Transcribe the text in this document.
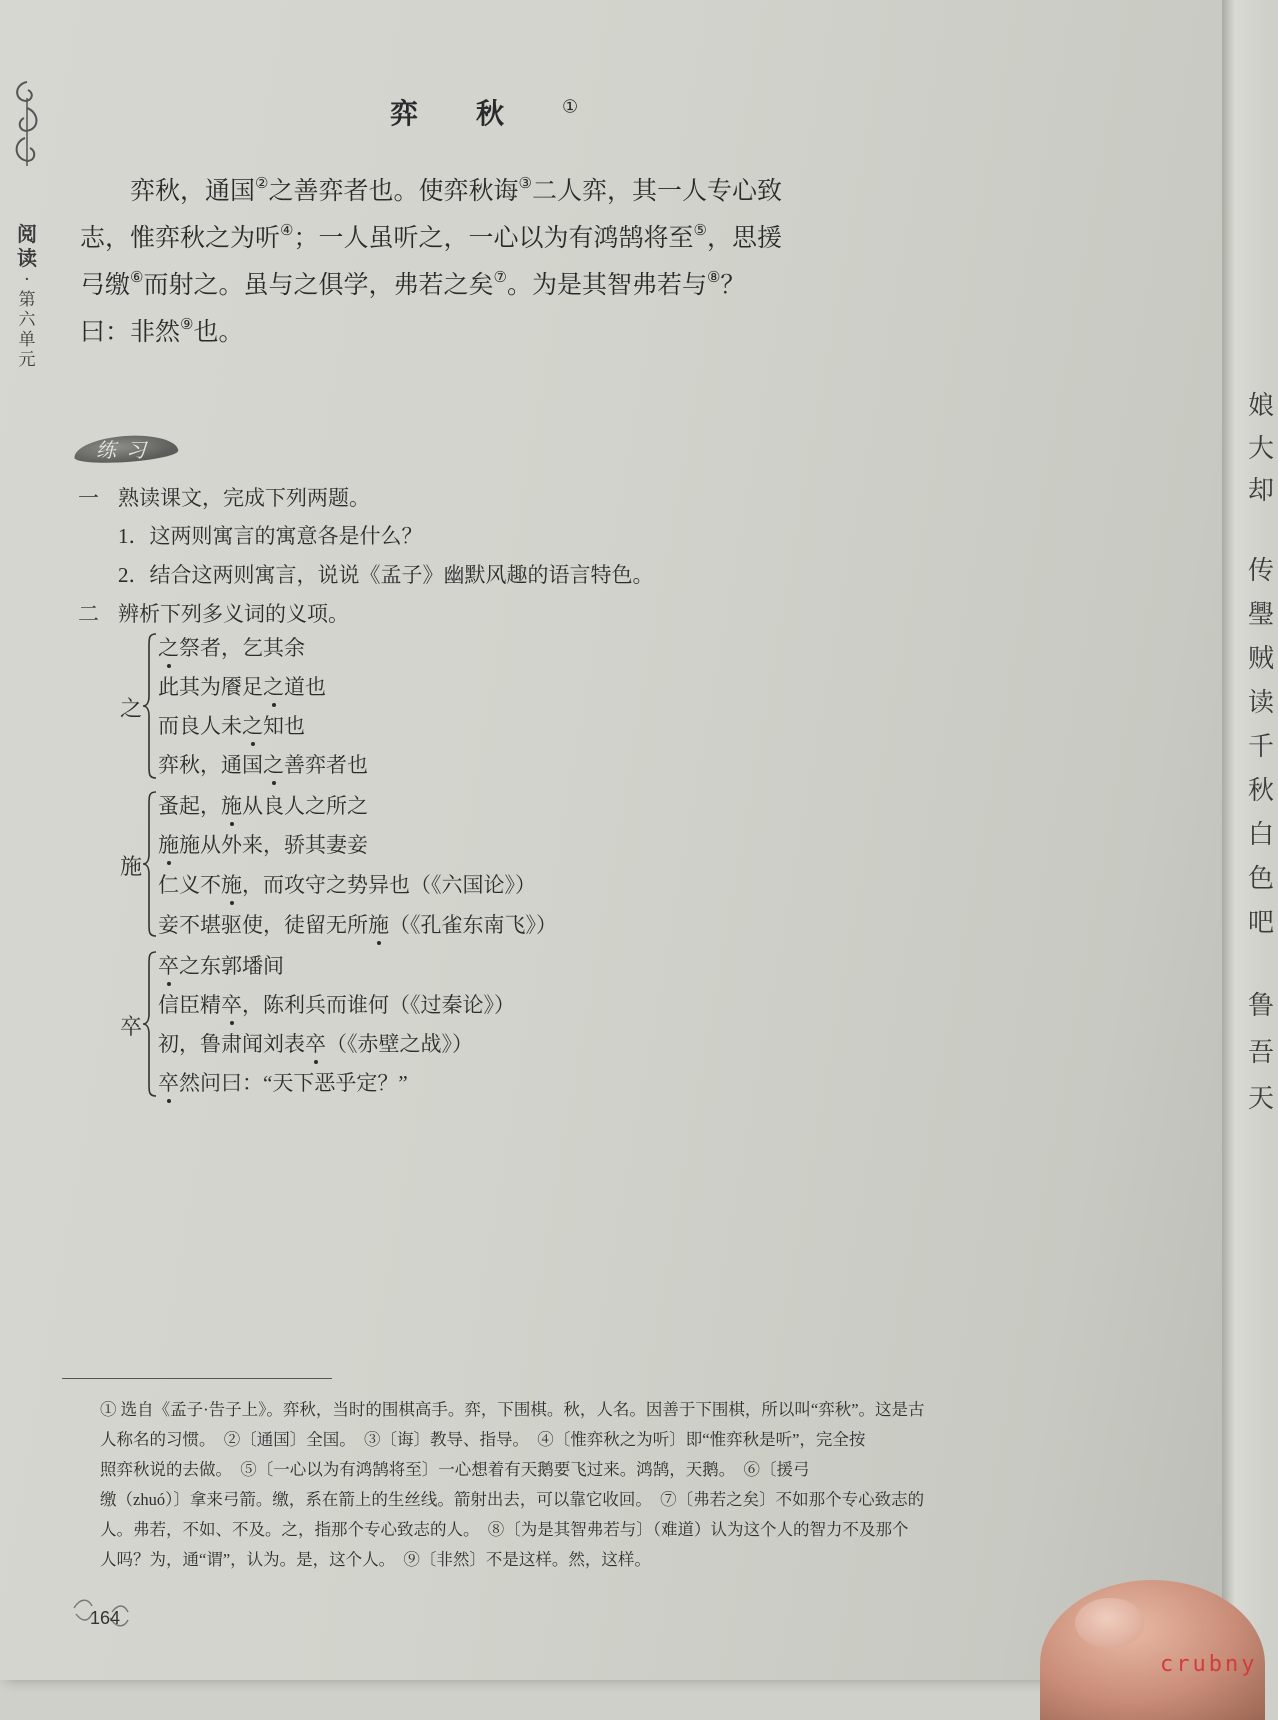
阅读
·第六单元
弈秋①
弈秋，通国②之善弈者也。使弈秋诲③二人弈，其一人专心致
志，惟弈秋之为听④；一人虽听之，一心以为有鸿鹄将至⑤，思援
弓缴⑥而射之。虽与之俱学，弗若之矣⑦。为是其智弗若与⑧？
曰：非然⑨也。
练习
一 熟读课文，完成下列两题。
1．这两则寓言的寓意各是什么？
2．结合这两则寓言，说说《孟子》幽默风趣的语言特色。
二 辨析下列多义词的义项。
之
之祭者，乞其余
此其为餍足之道也
而良人未之知也
弈秋，通国之善弈者也
施
蚤起，施从良人之所之
施施从外来，骄其妻妾
仁义不施，而攻守之势异也（《六国论》）
妾不堪驱使，徒留无所施（《孔雀东南飞》）
卒
卒之东郭墦间
信臣精卒，陈利兵而谁何（《过秦论》）
初，鲁肃闻刘表卒（《赤壁之战》）
卒然问曰：“天下恶乎定？”
① 选自《孟子·告子上》。弈秋，当时的围棋高手。弈，下围棋。秋，人名。因善于下围棋，所以叫“弈秋”。这是古
人称名的习惯。　②〔通国〕全国。　③〔诲〕教导、指导。　④〔惟弈秋之为听〕即“惟弈秋是听”，完全按
照弈秋说的去做。　⑤〔一心以为有鸿鹄将至〕一心想着有天鹅要飞过来。鸿鹄，天鹅。　⑥〔援弓
缴（zhuó）〕拿来弓箭。缴，系在箭上的生丝线。箭射出去，可以靠它收回。　⑦〔弗若之矣〕不如那个专心致志的
人。弗若，不如、不及。之，指那个专心致志的人。　⑧〔为是其智弗若与〕（难道）认为这个人的智力不及那个
人吗？为，通“谓”，认为。是，这个人。　⑨〔非然〕不是这样。然，这样。
164
娘
大
却
传
璺
贼
读
千
秋
白
色
吧
鲁
吾
天
crubny
